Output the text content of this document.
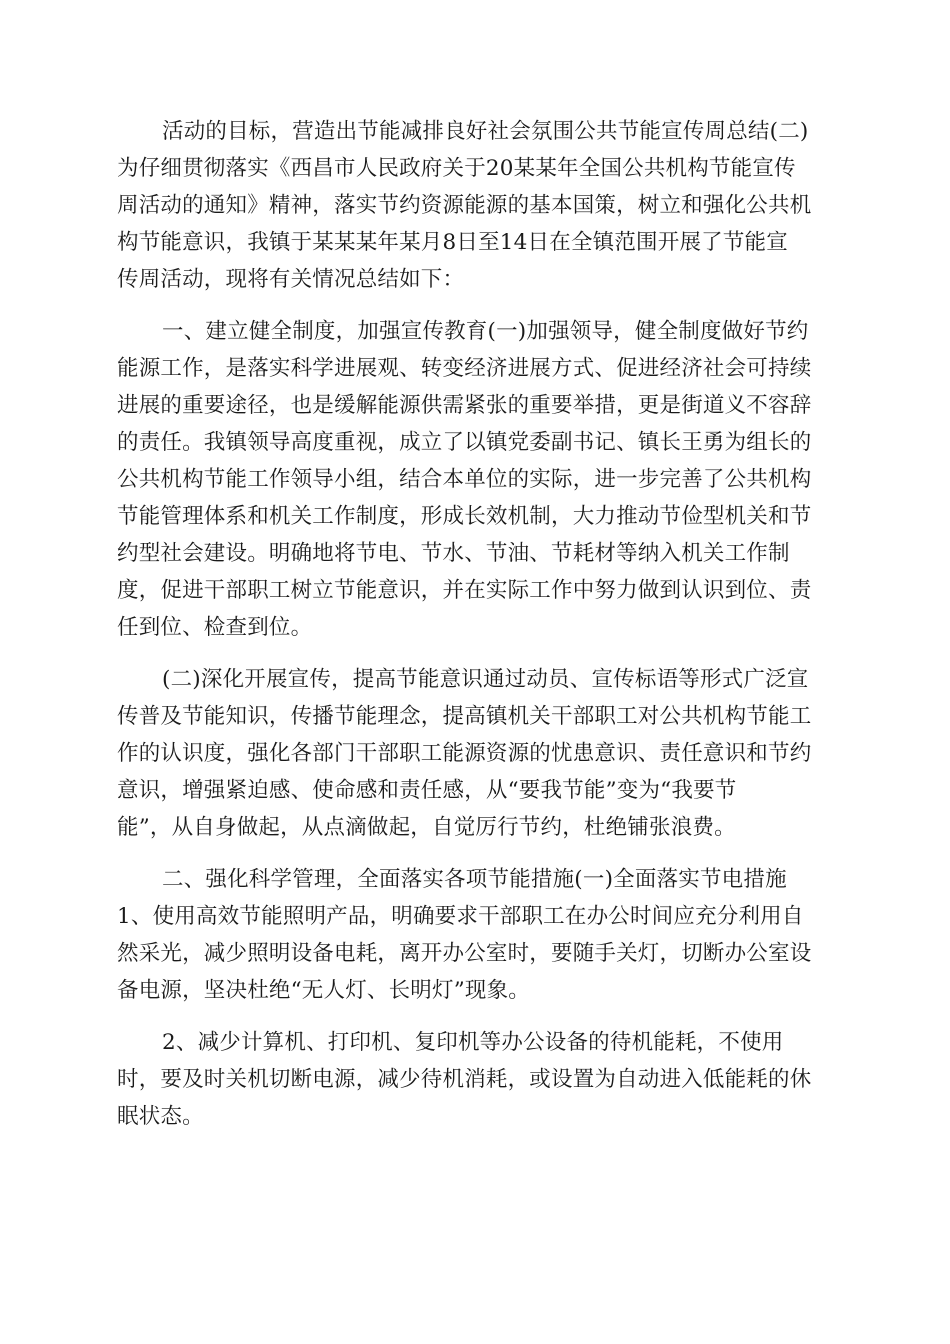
活动的目标，营造出节能减排良好社会氛围公共节能宣传周总结(二)
为仔细贯彻落实《西昌市人民政府关于20某某年全国公共机构节能宣传
周活动的通知》精神，落实节约资源能源的基本国策，树立和强化公共机
构节能意识，我镇于某某某年某月8日至14日在全镇范围开展了节能宣
传周活动，现将有关情况总结如下：
一、建立健全制度，加强宣传教育(一)加强领导，健全制度做好节约
能源工作，是落实科学进展观、转变经济进展方式、促进经济社会可持续
进展的重要途径，也是缓解能源供需紧张的重要举措，更是街道义不容辞
的责任。我镇领导高度重视，成立了以镇党委副书记、镇长王勇为组长的
公共机构节能工作领导小组，结合本单位的实际，进一步完善了公共机构
节能管理体系和机关工作制度，形成长效机制，大力推动节俭型机关和节
约型社会建设。明确地将节电、节水、节油、节耗材等纳入机关工作制
度，促进干部职工树立节能意识，并在实际工作中努力做到认识到位、责
任到位、检查到位。
(二)深化开展宣传，提高节能意识通过动员、宣传标语等形式广泛宣
传普及节能知识，传播节能理念，提高镇机关干部职工对公共机构节能工
作的认识度，强化各部门干部职工能源资源的忧患意识、责任意识和节约
意识，增强紧迫感、使命感和责任感，从“要我节能”变为“我要节
能”，从自身做起，从点滴做起，自觉厉行节约，杜绝铺张浪费。
二、强化科学管理，全面落实各项节能措施(一)全面落实节电措施
1、使用高效节能照明产品，明确要求干部职工在办公时间应充分利用自
然采光，减少照明设备电耗，离开办公室时，要随手关灯，切断办公室设
备电源，坚决杜绝“无人灯、长明灯”现象。
2、减少计算机、打印机、复印机等办公设备的待机能耗，不使用
时，要及时关机切断电源，减少待机消耗，或设置为自动进入低能耗的休
眠状态。
